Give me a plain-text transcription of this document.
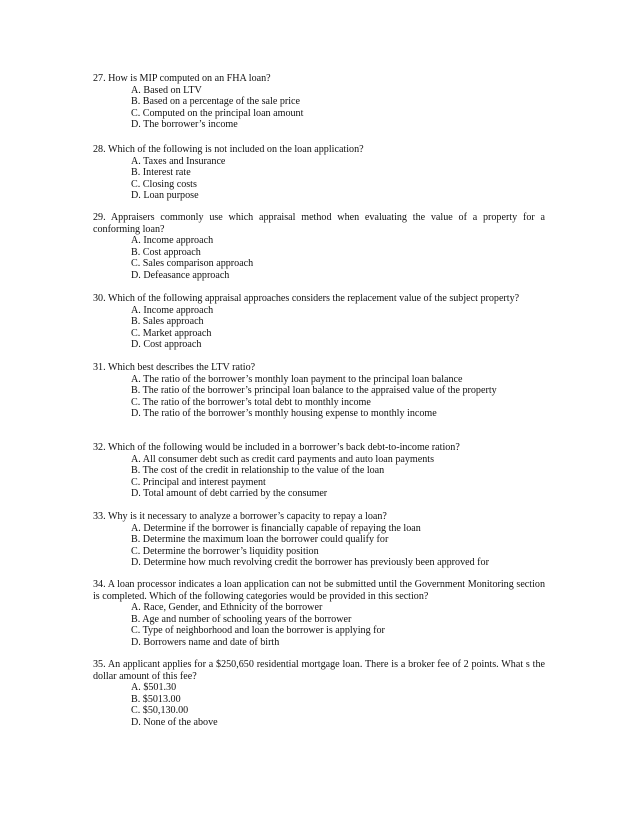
27. How is MIP computed on an FHA loan?

A. Based on LTV
B. Based on a percentage of the sale price
C. Computed on the principal loan amount
D. The borrower’s income

28. Which of the following is not included on the loan application?

A. Taxes and Insurance
B. Interest rate
C. Closing costs
D. Loan purpose

29. Appraisers commonly use which appraisal method when evaluating the value of a property for a conforming loan?

A. Income approach
B. Cost approach
C. Sales comparison approach
D. Defeasance approach

30. Which of the following appraisal approaches considers the replacement value of the subject property?

A. Income approach
B. Sales approach
C. Market approach
D. Cost approach

31. Which best describes the LTV ratio?

A. The ratio of the borrower’s monthly loan payment to the principal loan balance
B. The ratio of the borrower’s principal loan balance to the appraised value of the property
C. The ratio of the borrower’s total debt to monthly income
D. The ratio of the borrower’s monthly housing expense to monthly income

32. Which of the following would be included in a borrower’s back debt-to-income ration?

A. All consumer debt such as credit card payments and auto loan payments
B. The cost of the credit in relationship to the value of the loan
C. Principal and interest payment
D. Total amount of debt carried by the consumer

33. Why is it necessary to analyze a borrower’s capacity to repay a loan?

A. Determine if the borrower is financially capable of repaying the loan
B. Determine the maximum loan the borrower could qualify for
C. Determine the borrower’s liquidity position
D. Determine how much revolving credit the borrower has previously been approved for

34. A loan processor indicates a loan application can not be submitted until the Government Monitoring section is completed. Which of the following categories would be provided in this section?

A. Race, Gender, and Ethnicity of the borrower
B. Age and number of schooling years of the borrower
C. Type of neighborhood and loan the borrower is applying for
D. Borrowers name and date of birth

35. An applicant applies for a $250,650 residential mortgage loan. There is a broker fee of 2 points. What s the dollar amount of this fee?

A. $501.30
B. $5013.00
C. $50,130.00
D. None of the above
